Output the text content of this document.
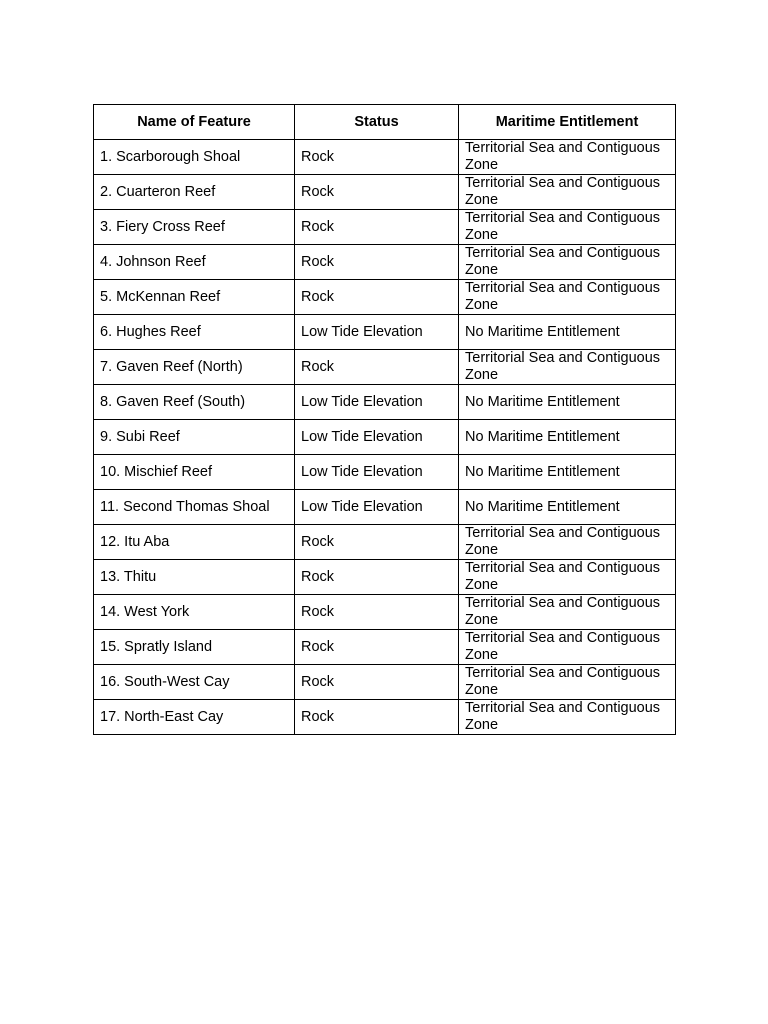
Name of Feature	Status	Maritime Entitlement
1. Scarborough Shoal	Rock	Territorial Sea and Contiguous Zone
2. Cuarteron Reef	Rock	Territorial Sea and Contiguous Zone
3. Fiery Cross Reef	Rock	Territorial Sea and Contiguous Zone
4. Johnson Reef	Rock	Territorial Sea and Contiguous Zone
5. McKennan Reef	Rock	Territorial Sea and Contiguous Zone
6. Hughes Reef	Low Tide Elevation	No Maritime Entitlement
7. Gaven Reef (North)	Rock	Territorial Sea and Contiguous Zone
8. Gaven Reef (South)	Low Tide Elevation	No Maritime Entitlement
9. Subi Reef	Low Tide Elevation	No Maritime Entitlement
10. Mischief Reef	Low Tide Elevation	No Maritime Entitlement
11. Second Thomas Shoal	Low Tide Elevation	No Maritime Entitlement
12. Itu Aba	Rock	Territorial Sea and Contiguous Zone
13. Thitu	Rock	Territorial Sea and Contiguous Zone
14. West York	Rock	Territorial Sea and Contiguous Zone
15. Spratly Island	Rock	Territorial Sea and Contiguous Zone
16. South-West Cay	Rock	Territorial Sea and Contiguous Zone
17. North-East Cay	Rock	Territorial Sea and Contiguous Zone
